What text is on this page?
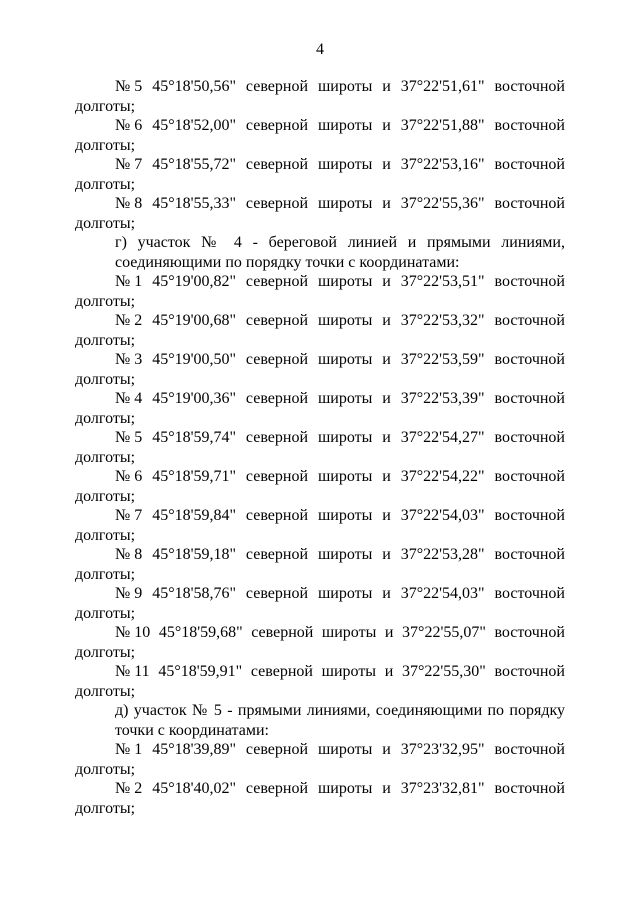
4
№ 5 45°18'50,56" северной широты и 37°22'51,61" восточной
долготы;
№ 6 45°18'52,00" северной широты и 37°22'51,88" восточной
долготы;
№ 7 45°18'55,72" северной широты и 37°22'53,16" восточной
долготы;
№ 8 45°18'55,33" северной широты и 37°22'55,36" восточной
долготы;
г) участок № 4 - береговой линией и прямыми линиями,
соединяющими по порядку точки с координатами:
№ 1 45°19'00,82" северной широты и 37°22'53,51" восточной
долготы;
№ 2 45°19'00,68" северной широты и 37°22'53,32" восточной
долготы;
№ 3 45°19'00,50" северной широты и 37°22'53,59" восточной
долготы;
№ 4 45°19'00,36" северной широты и 37°22'53,39" восточной
долготы;
№ 5 45°18'59,74" северной широты и 37°22'54,27" восточной
долготы;
№ 6 45°18'59,71" северной широты и 37°22'54,22" восточной
долготы;
№ 7 45°18'59,84" северной широты и 37°22'54,03" восточной
долготы;
№ 8 45°18'59,18" северной широты и 37°22'53,28" восточной
долготы;
№ 9 45°18'58,76" северной широты и 37°22'54,03" восточной
долготы;
№ 10 45°18'59,68" северной широты и 37°22'55,07" восточной
долготы;
№ 11 45°18'59,91" северной широты и 37°22'55,30" восточной
долготы;
д) участок № 5 - прямыми линиями, соединяющими по порядку
точки с координатами:
№ 1 45°18'39,89" северной широты и 37°23'32,95" восточной
долготы;
№ 2 45°18'40,02" северной широты и 37°23'32,81" восточной
долготы;
